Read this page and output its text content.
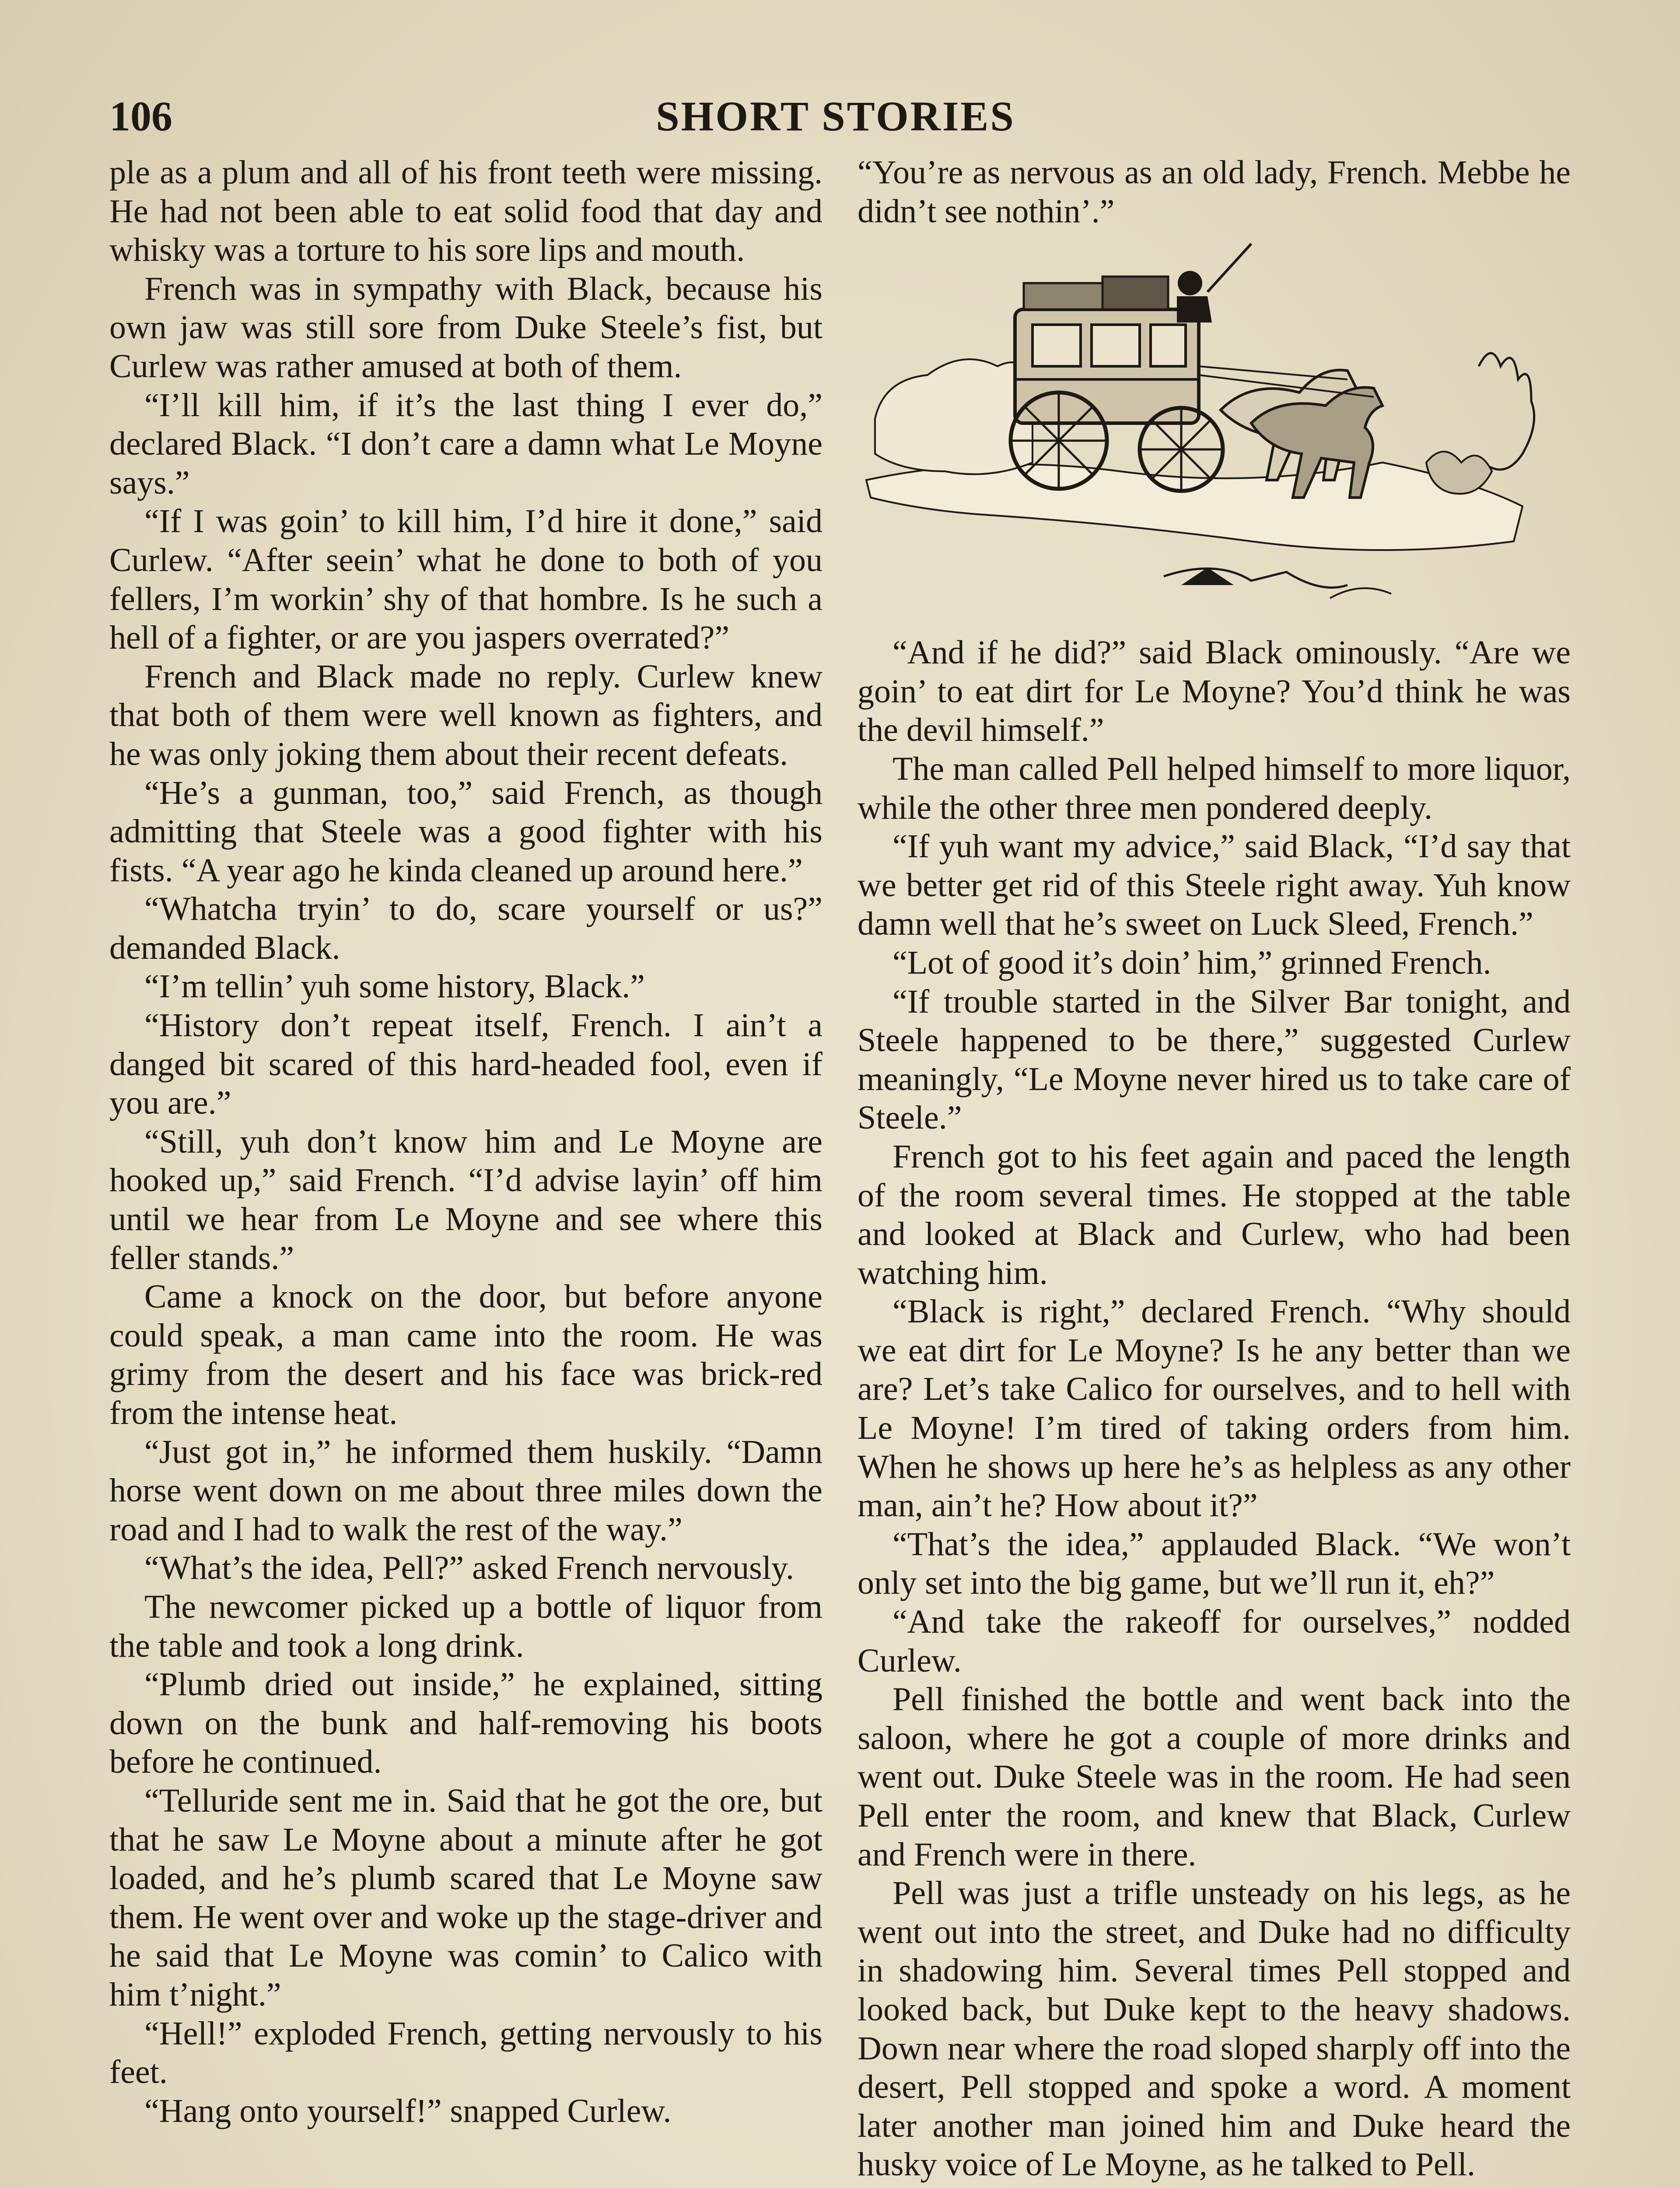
106	SHORT STORIES

ple as a plum and all of his front teeth were missing. He had not been able to eat solid food that day and whisky was a torture to his sore lips and mouth.

French was in sympathy with Black, because his own jaw was still sore from Duke Steele’s fist, but Curlew was rather amused at both of them.

“I’ll kill him, if it’s the last thing I ever do,” declared Black. “I don’t care a damn what Le Moyne says.”

“If I was goin’ to kill him, I’d hire it done,” said Curlew. “After seein’ what he done to both of you fellers, I’m workin’ shy of that hombre. Is he such a hell of a fighter, or are you jaspers overrated?”

French and Black made no reply. Curlew knew that both of them were well known as fighters, and he was only joking them about their recent defeats.

“He’s a gunman, too,” said French, as though admitting that Steele was a good fighter with his fists. “A year ago he kinda cleaned up around here.”

“Whatcha tryin’ to do, scare yourself or us?” demanded Black.

“I’m tellin’ yuh some history, Black.”

“History don’t repeat itself, French. I ain’t a danged bit scared of this hard-headed fool, even if you are.”

“Still, yuh don’t know him and Le Moyne are hooked up,” said French. “I’d advise layin’ off him until we hear from Le Moyne and see where this feller stands.”

Came a knock on the door, but before anyone could speak, a man came into the room. He was grimy from the desert and his face was brick-red from the intense heat.

“Just got in,” he informed them huskily. “Damn horse went down on me about three miles down the road and I had to walk the rest of the way.”

“What’s the idea, Pell?” asked French nervously.

The newcomer picked up a bottle of liquor from the table and took a long drink.

“Plumb dried out inside,” he explained, sitting down on the bunk and half-removing his boots before he continued.

“Telluride sent me in. Said that he got the ore, but that he saw Le Moyne about a minute after he got loaded, and he’s plumb scared that Le Moyne saw them. He went over and woke up the stage-driver and he said that Le Moyne was comin’ to Calico with him t’night.”

“Hell!” exploded French, getting nervously to his feet.

“Hang onto yourself!” snapped Curlew.

“You’re as nervous as an old lady, French. Mebbe he didn’t see nothin’.”

“And if he did?” said Black ominously. “Are we goin’ to eat dirt for Le Moyne? You’d think he was the devil himself.”

The man called Pell helped himself to more liquor, while the other three men pondered deeply.

“If yuh want my advice,” said Black, “I’d say that we better get rid of this Steele right away. Yuh know damn well that he’s sweet on Luck Sleed, French.”

“Lot of good it’s doin’ him,” grinned French.

“If trouble started in the Silver Bar tonight, and Steele happened to be there,” suggested Curlew meaningly, “Le Moyne never hired us to take care of Steele.”

French got to his feet again and paced the length of the room several times. He stopped at the table and looked at Black and Curlew, who had been watching him.

“Black is right,” declared French. “Why should we eat dirt for Le Moyne? Is he any better than we are? Let’s take Calico for ourselves, and to hell with Le Moyne! I’m tired of taking orders from him. When he shows up here he’s as helpless as any other man, ain’t he? How about it?”

“That’s the idea,” applauded Black. “We won’t only set into the big game, but we’ll run it, eh?”

“And take the rakeoff for ourselves,” nodded Curlew.

Pell finished the bottle and went back into the saloon, where he got a couple of more drinks and went out. Duke Steele was in the room. He had seen Pell enter the room, and knew that Black, Curlew and French were in there.

Pell was just a trifle unsteady on his legs, as he went out into the street, and Duke had no difficulty in shadowing him. Several times Pell stopped and looked back, but Duke kept to the heavy shadows. Down near where the road sloped sharply off into the desert, Pell stopped and spoke a word. A moment later another man joined him and Duke heard the husky voice of Le Moyne, as he talked to Pell.
